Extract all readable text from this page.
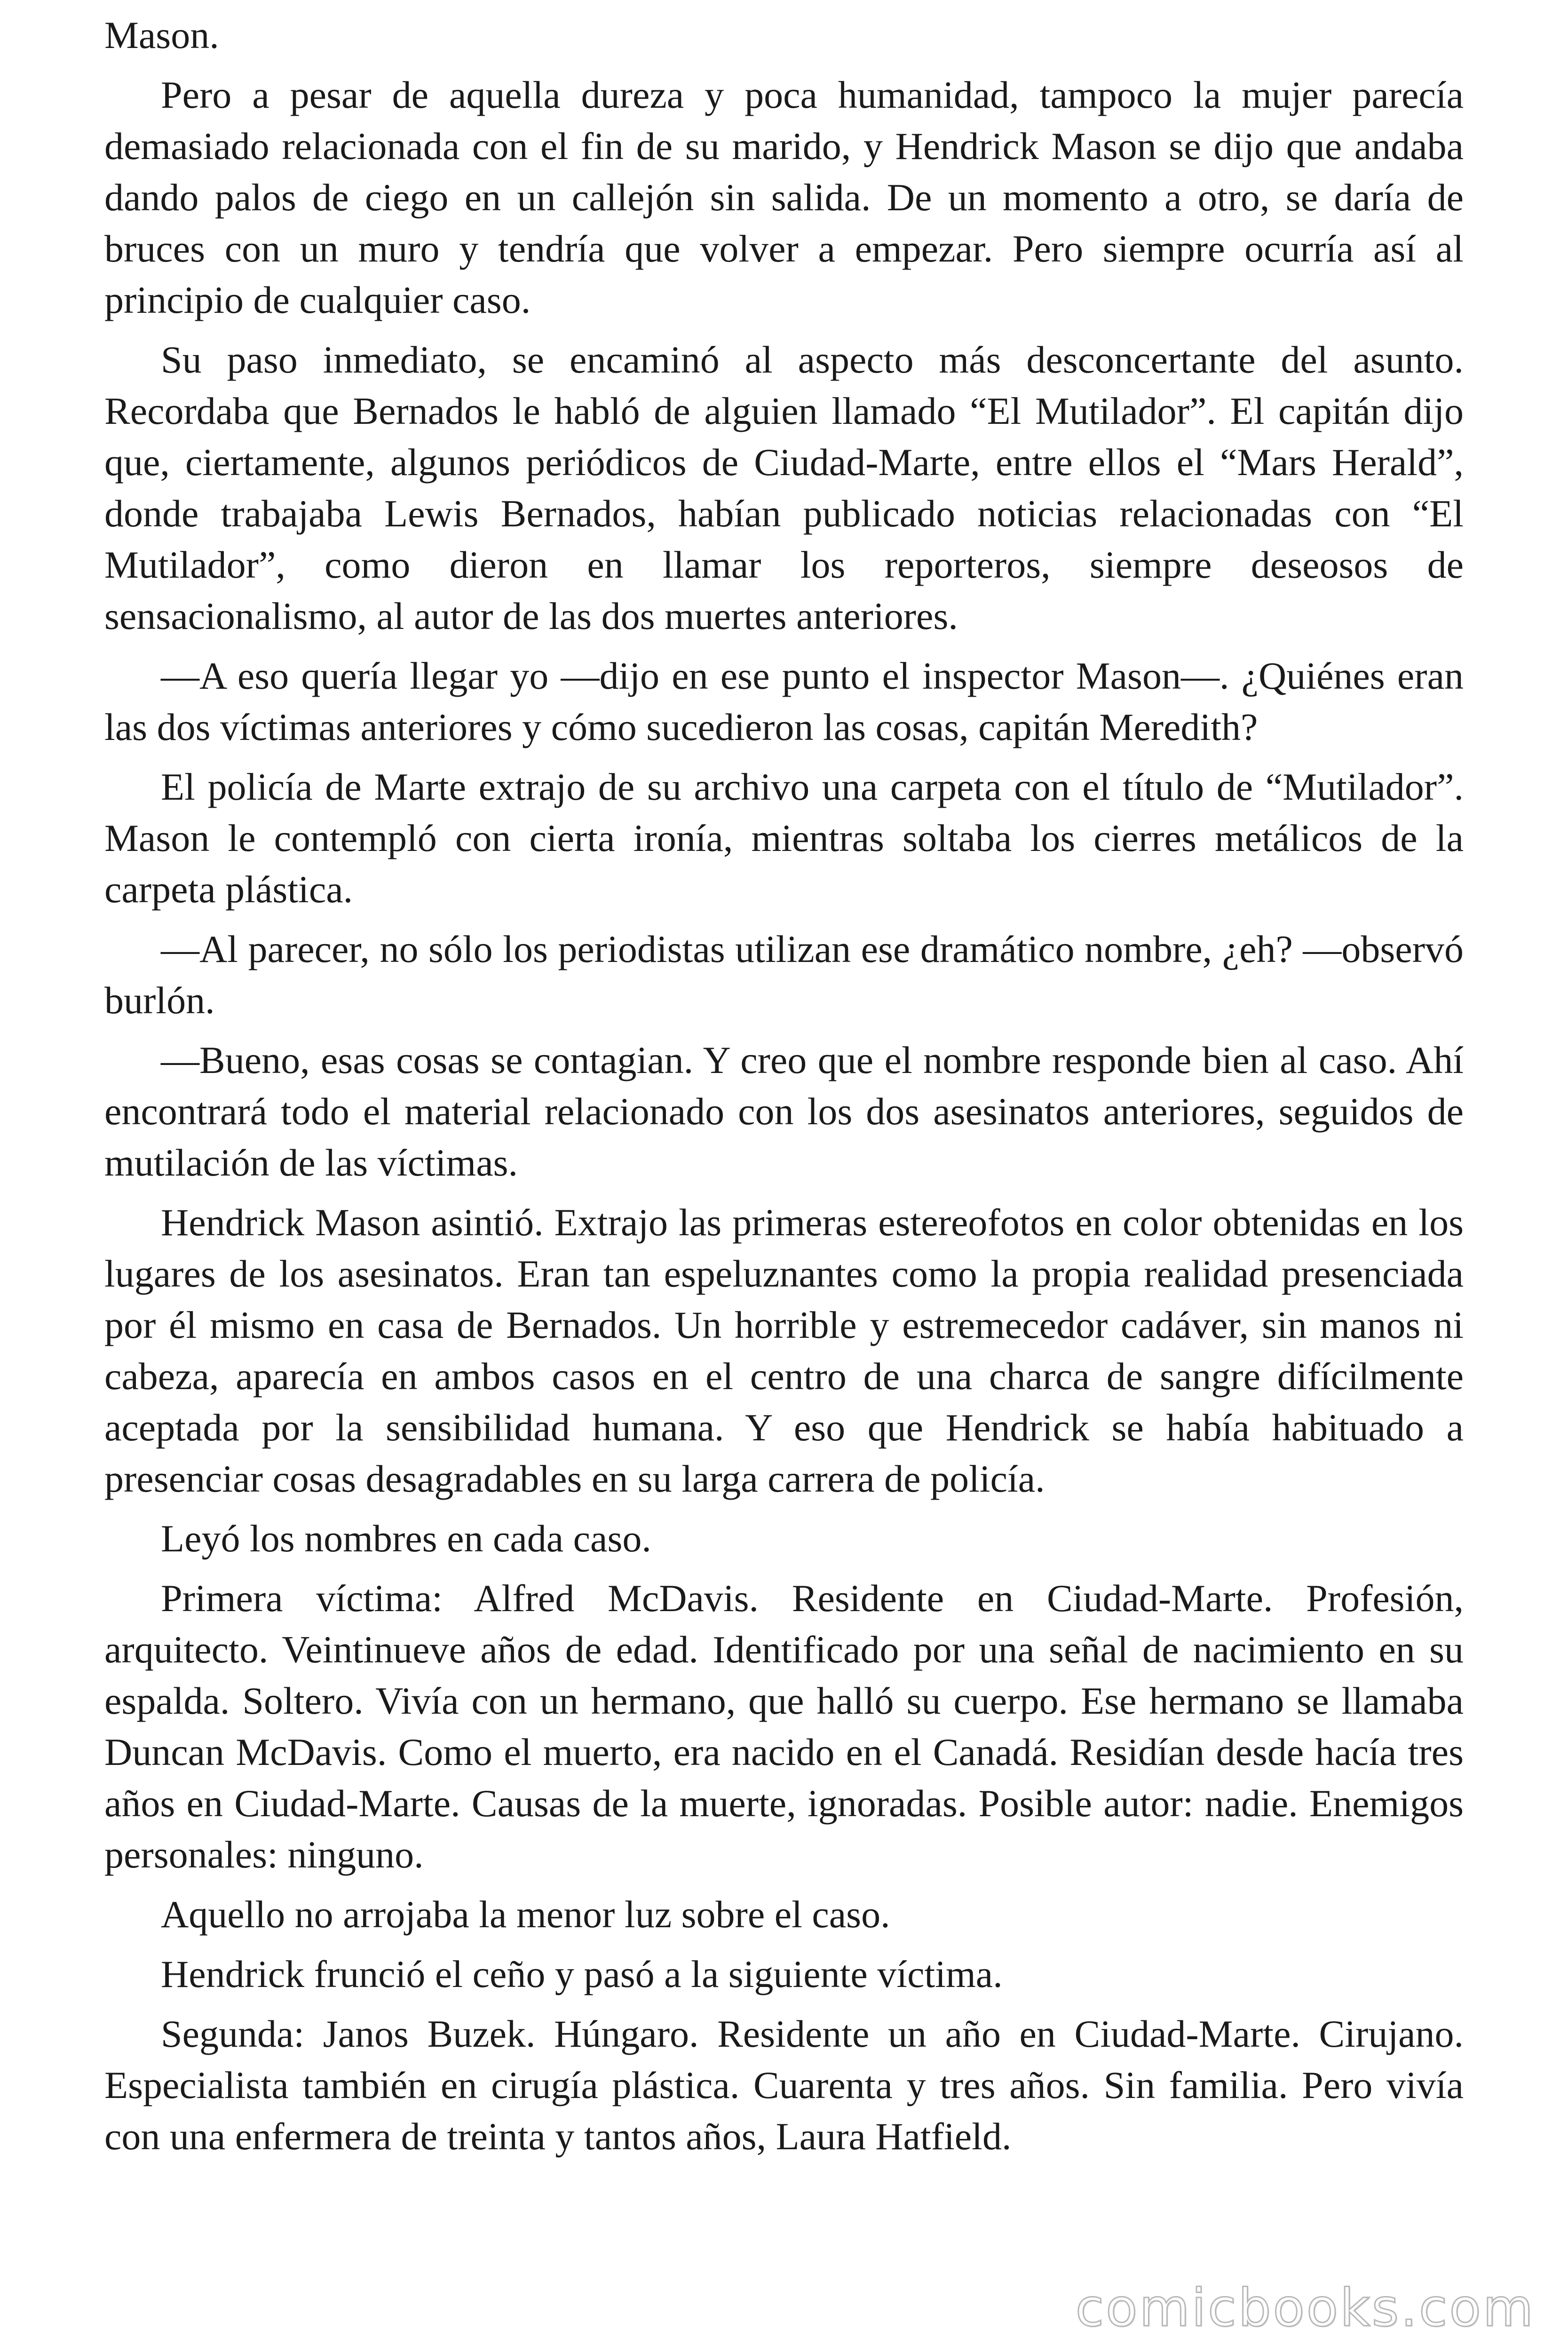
Mason.

Pero a pesar de aquella dureza y poca humanidad, tampoco la mujer parecía demasiado relacionada con el fin de su marido, y Hendrick Mason se dijo que andaba dando palos de ciego en un callejón sin salida. De un momento a otro, se daría de bruces con un muro y tendría que volver a empezar. Pero siempre ocurría así al principio de cualquier caso.

Su paso inmediato, se encaminó al aspecto más desconcertante del asunto. Recordaba que Bernados le habló de alguien llamado “El Mutilador”. El capitán dijo que, ciertamente, algunos periódicos de Ciudad-Marte, entre ellos el “Mars Herald”, donde trabajaba Lewis Bernados, habían publicado noticias relacionadas con “El Mutilador”, como dieron en llamar los reporteros, siempre deseosos de sensacionalismo, al autor de las dos muertes anteriores.

—A eso quería llegar yo —dijo en ese punto el inspector Mason—. ¿Quiénes eran las dos víctimas anteriores y cómo sucedieron las cosas, capitán Meredith?

El policía de Marte extrajo de su archivo una carpeta con el título de “Mutilador”. Mason le contempló con cierta ironía, mientras soltaba los cierres metálicos de la carpeta plástica.

—Al parecer, no sólo los periodistas utilizan ese dramático nombre, ¿eh? —observó burlón.

—Bueno, esas cosas se contagian. Y creo que el nombre responde bien al caso. Ahí encontrará todo el material relacionado con los dos asesinatos anteriores, seguidos de mutilación de las víctimas.

Hendrick Mason asintió. Extrajo las primeras estereofotos en color obtenidas en los lugares de los asesinatos. Eran tan espeluznantes como la propia realidad presenciada por él mismo en casa de Bernados. Un horrible y estremecedor cadáver, sin manos ni cabeza, aparecía en ambos casos en el centro de una charca de sangre difícilmente aceptada por la sensibilidad humana. Y eso que Hendrick se había habituado a presenciar cosas desagradables en su larga carrera de policía.

Leyó los nombres en cada caso.

Primera víctima: Alfred McDavis. Residente en Ciudad-Marte. Profesión, arquitecto. Veintinueve años de edad. Identificado por una señal de nacimiento en su espalda. Soltero. Vivía con un hermano, que halló su cuerpo. Ese hermano se llamaba Duncan McDavis. Como el muerto, era nacido en el Canadá. Residían desde hacía tres años en Ciudad-Marte. Causas de la muerte, ignoradas. Posible autor: nadie. Enemigos personales: ninguno.

Aquello no arrojaba la menor luz sobre el caso.

Hendrick frunció el ceño y pasó a la siguiente víctima.

Segunda: Janos Buzek. Húngaro. Residente un año en Ciudad-Marte. Cirujano. Especialista también en cirugía plástica. Cuarenta y tres años. Sin familia. Pero vivía con una enfermera de treinta y tantos años, Laura Hatfield.

comicbooks.com
